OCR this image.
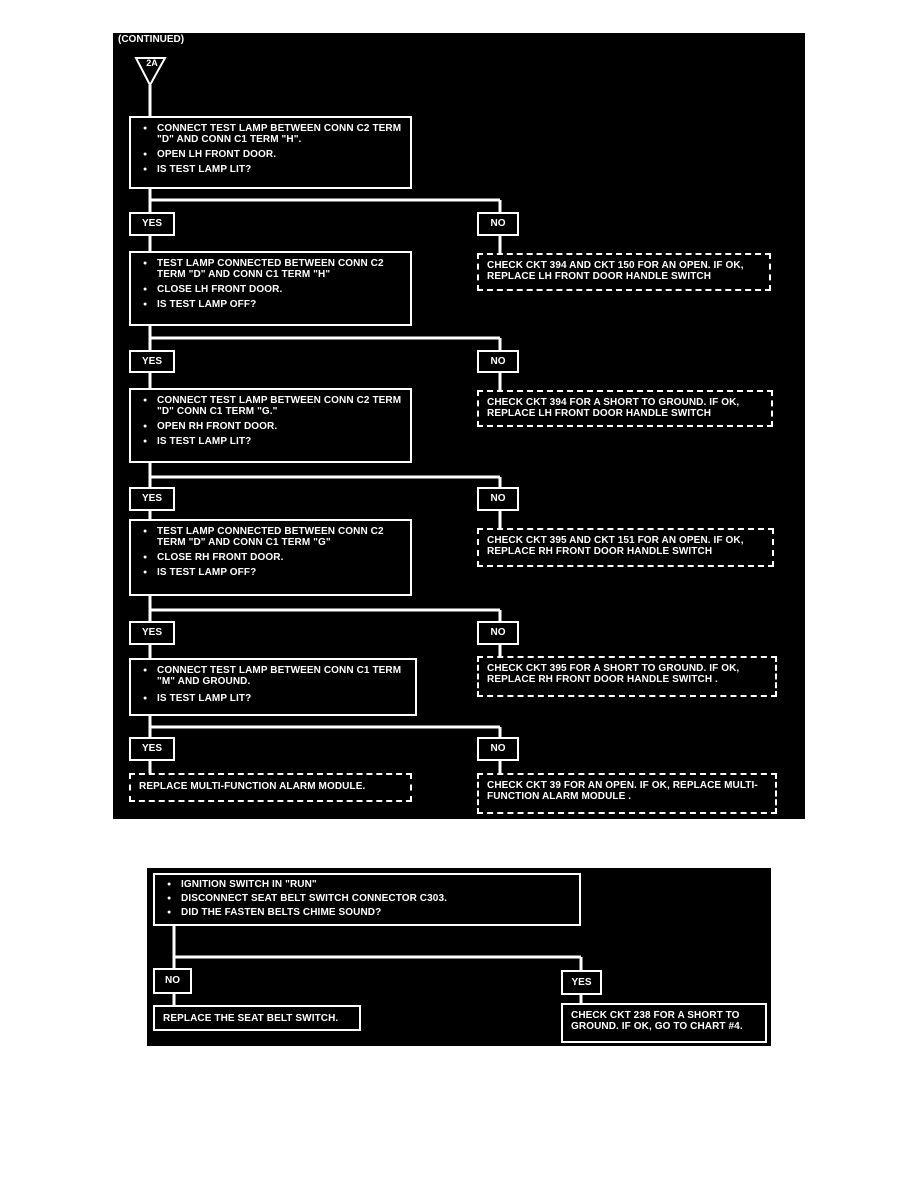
(CONTINUED)
2A
● CONNECT TEST LAMP BETWEEN CONN C2 TERM "D" AND CONN C1 TERM "H".
● OPEN LH FRONT DOOR.
● IS TEST LAMP LIT?
YES	NO
CHECK CKT 394 AND CKT 150 FOR AN OPEN. IF OK, REPLACE LH FRONT DOOR HANDLE SWITCH
● TEST LAMP CONNECTED BETWEEN CONN C2 TERM "D" AND CONN C1 TERM "H"
● CLOSE LH FRONT DOOR.
● IS TEST LAMP OFF?
YES	NO
CHECK CKT 394 FOR A SHORT TO GROUND. IF OK, REPLACE LH FRONT DOOR HANDLE SWITCH
● CONNECT TEST LAMP BETWEEN CONN C2 TERM "D" CONN C1 TERM "G."
● OPEN RH FRONT DOOR.
● IS TEST LAMP LIT?
YES	NO
CHECK CKT 395 AND CKT 151 FOR AN OPEN. IF OK, REPLACE RH FRONT DOOR HANDLE SWITCH
● TEST LAMP CONNECTED BETWEEN CONN C2 TERM "D" AND CONN C1 TERM "G"
● CLOSE RH FRONT DOOR.
● IS TEST LAMP OFF?
YES	NO
CHECK CKT 395 FOR A SHORT TO GROUND. IF OK, REPLACE RH FRONT DOOR HANDLE SWITCH .
● CONNECT TEST LAMP BETWEEN CONN C1 TERM "M" AND GROUND.
● IS TEST LAMP LIT?
YES	NO
REPLACE MULTI-FUNCTION ALARM MODULE.	CHECK CKT 39 FOR AN OPEN. IF OK, REPLACE MULTI-FUNCTION ALARM MODULE .
● IGNITION SWITCH IN "RUN"
● DISCONNECT SEAT BELT SWITCH CONNECTOR C303.
● DID THE FASTEN BELTS CHIME SOUND?
NO	YES
REPLACE THE SEAT BELT SWITCH.	CHECK CKT 238 FOR A SHORT TO GROUND. IF OK, GO TO CHART #4.
